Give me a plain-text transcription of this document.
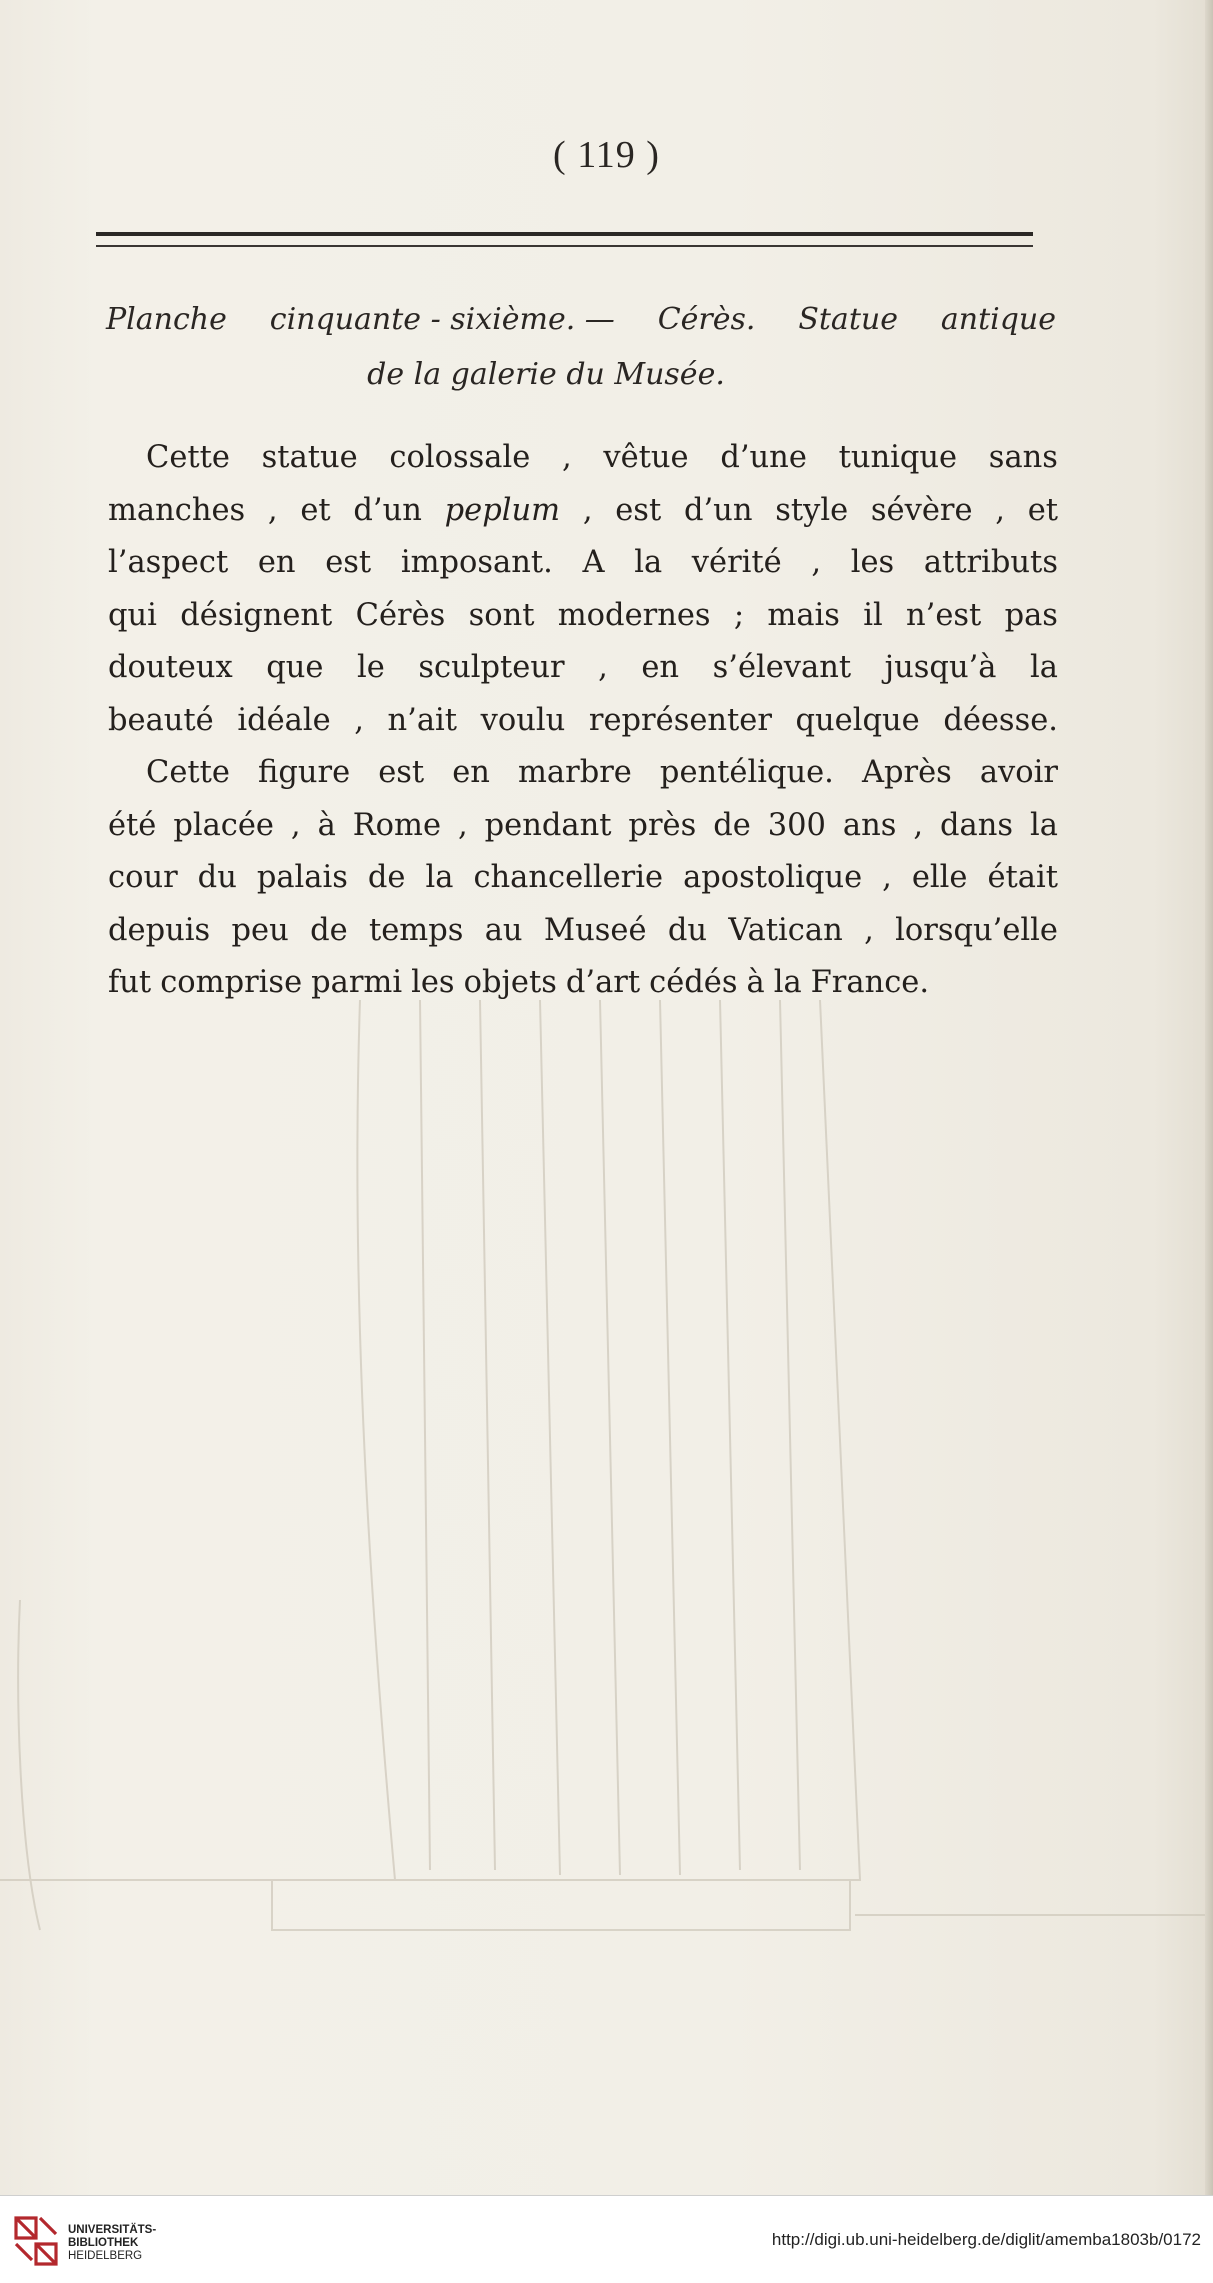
( 119 )
Planche cinquante - sixième. — Cérès. Statue antique
de la galerie du Musée.
Cette statue colossale , vêtue d’une tunique sans
manches , et d’un peplum , est d’un style sévère , et
l’aspect en est imposant. A la vérité , les attributs
qui désignent Cérès sont modernes ; mais il n’est pas
douteux que le sculpteur , en s’élevant jusqu’à la
beauté idéale , n’ait voulu représenter quelque déesse.
Cette figure est en marbre pentélique. Après avoir
été placée , à Rome , pendant près de 300 ans , dans la
cour du palais de la chancellerie apostolique , elle était
depuis peu de temps au Museé du Vatican , lorsqu’elle
fut comprise parmi les objets d’art cédés à la France.
UNIVERSITÄTS-
BIBLIOTHEK
HEIDELBERG
http://digi.ub.uni-heidelberg.de/diglit/amemba1803b/0172
